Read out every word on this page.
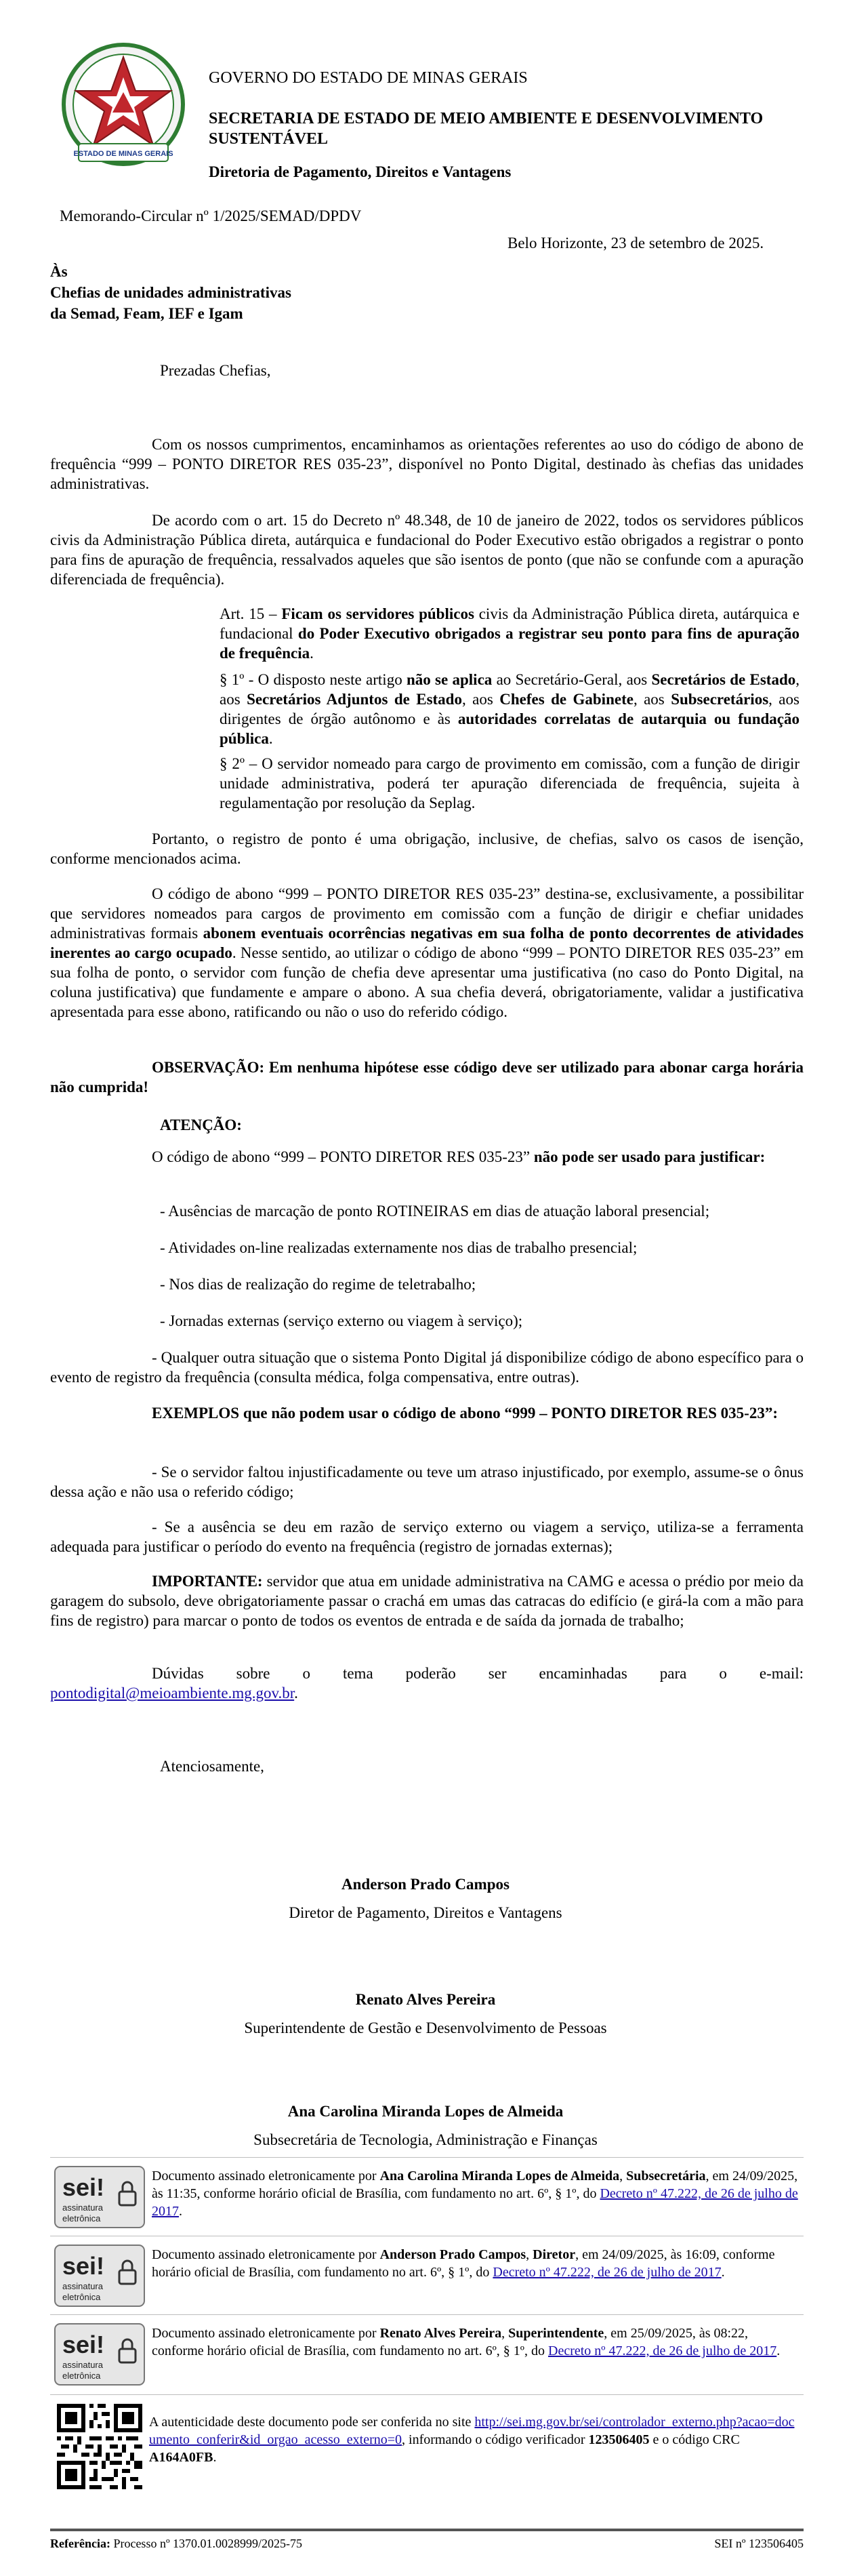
ESTADO DE MINAS GERAIS
GOVERNO DO ESTADO DE MINAS GERAIS
SECRETARIA DE ESTADO DE MEIO AMBIENTE E DESENVOLVIMENTO SUSTENTÁVEL
Diretoria de Pagamento, Direitos e Vantagens
Memorando-Circular nº 1/2025/SEMAD/DPDV
Belo Horizonte, 23 de setembro de 2025.
Às
Chefias de unidades administrativas
da Semad, Feam, IEF e Igam
Prezadas Chefias,
Com os nossos cumprimentos, encaminhamos as orientações referentes ao uso do código de abono de frequência “999 – PONTO DIRETOR RES 035-23”, disponível no Ponto Digital, destinado às chefias das unidades administrativas.
De acordo com o art. 15 do Decreto nº 48.348, de 10 de janeiro de 2022, todos os servidores públicos civis da Administração Pública direta, autárquica e fundacional do Poder Executivo estão obrigados a registrar o ponto para fins de apuração de frequência, ressalvados aqueles que são isentos de ponto (que não se confunde com a apuração diferenciada de frequência).
Art. 15 – Ficam os servidores públicos civis da Administração Pública direta, autárquica e fundacional do Poder Executivo obrigados a registrar seu ponto para fins de apuração de frequência.
§ 1º - O disposto neste artigo não se aplica ao Secretário-Geral, aos Secretários de Estado, aos Secretários Adjuntos de Estado, aos Chefes de Gabinete, aos Subsecretários, aos dirigentes de órgão autônomo e às autoridades correlatas de autarquia ou fundação pública.
§ 2º – O servidor nomeado para cargo de provimento em comissão, com a função de dirigir unidade administrativa, poderá ter apuração diferenciada de frequência, sujeita à regulamentação por resolução da Seplag.
Portanto, o registro de ponto é uma obrigação, inclusive, de chefias, salvo os casos de isenção, conforme mencionados acima.
O código de abono “999 – PONTO DIRETOR RES 035-23” destina-se, exclusivamente, a possibilitar que servidores nomeados para cargos de provimento em comissão com a função de dirigir e chefiar unidades administrativas formais abonem eventuais ocorrências negativas em sua folha de ponto decorrentes de atividades inerentes ao cargo ocupado. Nesse sentido, ao utilizar o código de abono “999 – PONTO DIRETOR RES 035-23” em sua folha de ponto, o servidor com função de chefia deve apresentar uma justificativa (no caso do Ponto Digital, na coluna justificativa) que fundamente e ampare o abono. A sua chefia deverá, obrigatoriamente, validar a justificativa apresentada para esse abono, ratificando ou não o uso do referido código.
OBSERVAÇÃO: Em nenhuma hipótese esse código deve ser utilizado para abonar carga horária não cumprida!
ATENÇÃO:
O código de abono “999 – PONTO DIRETOR RES 035-23” não pode ser usado para justificar:
- Ausências de marcação de ponto ROTINEIRAS em dias de atuação laboral presencial;
- Atividades on-line realizadas externamente nos dias de trabalho presencial;
- Nos dias de realização do regime de teletrabalho;
- Jornadas externas (serviço externo ou viagem à serviço);
- Qualquer outra situação que o sistema Ponto Digital já disponibilize código de abono específico para o evento de registro da frequência (consulta médica, folga compensativa, entre outras).
EXEMPLOS que não podem usar o código de abono “999 – PONTO DIRETOR RES 035-23”:
- Se o servidor faltou injustificadamente ou teve um atraso injustificado, por exemplo, assume-se o ônus dessa ação e não usa o referido código;
- Se a ausência se deu em razão de serviço externo ou viagem a serviço, utiliza-se a ferramenta adequada para justificar o período do evento na frequência (registro de jornadas externas);
IMPORTANTE: servidor que atua em unidade administrativa na CAMG e acessa o prédio por meio da garagem do subsolo, deve obrigatoriamente passar o crachá em umas das catracas do edifício (e girá-la com a mão para fins de registro) para marcar o ponto de todos os eventos de entrada e de saída da jornada de trabalho;
Dúvidas sobre o tema poderão ser encaminhadas para o e-mail:
pontodigital@meioambiente.mg.gov.br.
Atenciosamente,
Anderson Prado Campos
Diretor de Pagamento, Direitos e Vantagens
Renato Alves Pereira
Superintendente de Gestão e Desenvolvimento de Pessoas
Ana Carolina Miranda Lopes de Almeida
Subsecretária de Tecnologia, Administração e Finanças
sei!
assinatura
eletrônica
Documento assinado eletronicamente por Ana Carolina Miranda Lopes de Almeida, Subsecretária, em 24/09/2025, às 11:35, conforme horário oficial de Brasília, com fundamento no art. 6º, § 1º, do Decreto nº 47.222, de 26 de julho de 2017.
sei!
assinatura
eletrônica
Documento assinado eletronicamente por Anderson Prado Campos, Diretor, em 24/09/2025, às 16:09, conforme horário oficial de Brasília, com fundamento no art. 6º, § 1º, do Decreto nº 47.222, de 26 de julho de 2017.
sei!
assinatura
eletrônica
Documento assinado eletronicamente por Renato Alves Pereira, Superintendente, em 25/09/2025, às 08:22, conforme horário oficial de Brasília, com fundamento no art. 6º, § 1º, do Decreto nº 47.222, de 26 de julho de 2017.
A autenticidade deste documento pode ser conferida no site http://sei.mg.gov.br/sei/controlador_externo.php?acao=documento_conferir&id_orgao_acesso_externo=0, informando o código verificador 123506405 e o código CRC A164A0FB.
Referência: Processo nº 1370.01.0028999/2025-75	SEI nº 123506405
